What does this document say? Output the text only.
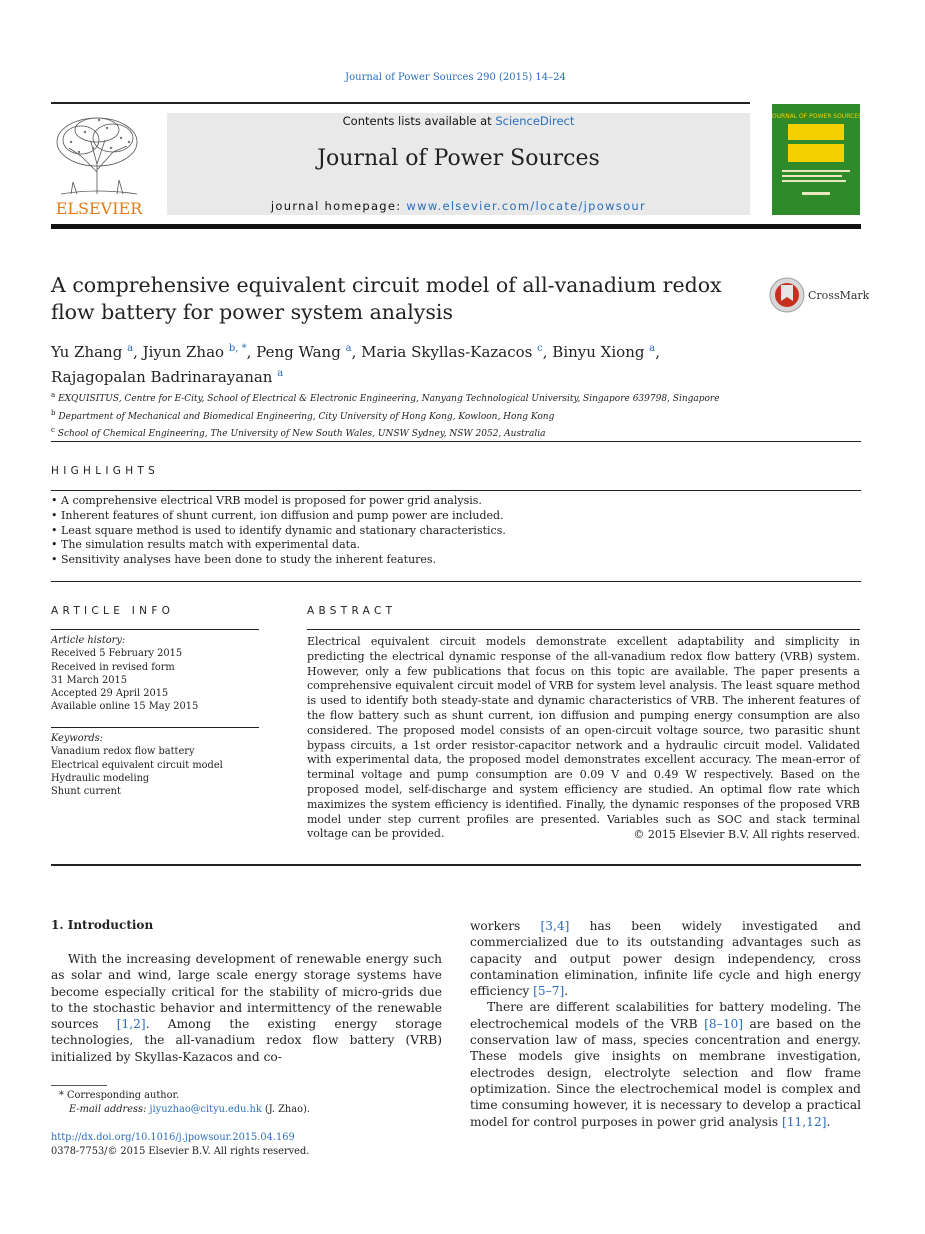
Journal of Power Sources 290 (2015) 14–24
ELSEVIER
Contents lists available at ScienceDirect
Journal of Power Sources
journal homepage: www.elsevier.com/locate/jpowsour
JOURNAL OF POWER SOURCES
A comprehensive equivalent circuit model of all-vanadium redox flow battery for power system analysis
CrossMark
Yu Zhang $^a$, Jiyun Zhao $^{b, *}$, Peng Wang $^a$, Maria Skyllas-Kazacos $^c$, Binyu Xiong $^a$,
Rajagopalan Badrinarayanan $^a$
$^a$ EXQUISITUS, Centre for E-City, School of Electrical & Electronic Engineering, Nanyang Technological University, Singapore 639798, Singapore
$^b$ Department of Mechanical and Biomedical Engineering, City University of Hong Kong, Kowloon, Hong Kong
$^c$ School of Chemical Engineering, The University of New South Wales, UNSW Sydney, NSW 2052, Australia
HIGHLIGHTS
• A comprehensive electrical VRB model is proposed for power grid analysis.
• Inherent features of shunt current, ion diffusion and pump power are included.
• Least square method is used to identify dynamic and stationary characteristics.
• The simulation results match with experimental data.
• Sensitivity analyses have been done to study the inherent features.
ARTICLE INFO
Article history:
Received 5 February 2015
Received in revised form
31 March 2015
Accepted 29 April 2015
Available online 15 May 2015
Keywords:
Vanadium redox flow battery
Electrical equivalent circuit model
Hydraulic modeling
Shunt current
ABSTRACT
Electrical equivalent circuit models demonstrate excellent adaptability and simplicity in predicting the electrical dynamic response of the all-vanadium redox flow battery (VRB) system. However, only a few publications that focus on this topic are available. The paper presents a comprehensive equivalent circuit model of VRB for system level analysis. The least square method is used to identify both steady-state and dynamic characteristics of VRB. The inherent features of the flow battery such as shunt current, ion diffusion and pumping energy consumption are also considered. The proposed model consists of an open-circuit voltage source, two parasitic shunt bypass circuits, a 1st order resistor-capacitor network and a hydraulic circuit model. Validated with experimental data, the proposed model demonstrates excellent accuracy. The mean-error of terminal voltage and pump consumption are 0.09 V and 0.49 W respectively. Based on the proposed model, self-discharge and system efficiency are studied. An optimal flow rate which maximizes the system efficiency is identified. Finally, the dynamic responses of the proposed VRB model under step current profiles are presented. Variables such as SOC and stack terminal voltage can be provided.	© 2015 Elsevier B.V. All rights reserved.
1. Introduction

With the increasing development of renewable energy such as solar and wind, large scale energy storage systems have become especially critical for the stability of micro-grids due to the stochastic behavior and intermittency of the renewable sources [1,2]. Among the existing energy storage technologies, the all-vanadium redox flow battery (VRB) initialized by Skyllas-Kazacos and co-

workers [3,4] has been widely investigated and commercialized due to its outstanding advantages such as capacity and output power design independency, cross contamination elimination, infinite life cycle and high energy efficiency [5–7].

There are different scalabilities for battery modeling. The electrochemical models of the VRB [8–10] are based on the conservation law of mass, species concentration and energy. These models give insights on membrane investigation, electrodes design, electrolyte selection and flow frame optimization. Since the electrochemical model is complex and time consuming however, it is necessary to develop a practical model for control purposes in power grid analysis [11,12].

* Corresponding author.
E-mail address: jiyuzhao@cityu.edu.hk (J. Zhao).
http://dx.doi.org/10.1016/j.jpowsour.2015.04.169
0378-7753/© 2015 Elsevier B.V. All rights reserved.
